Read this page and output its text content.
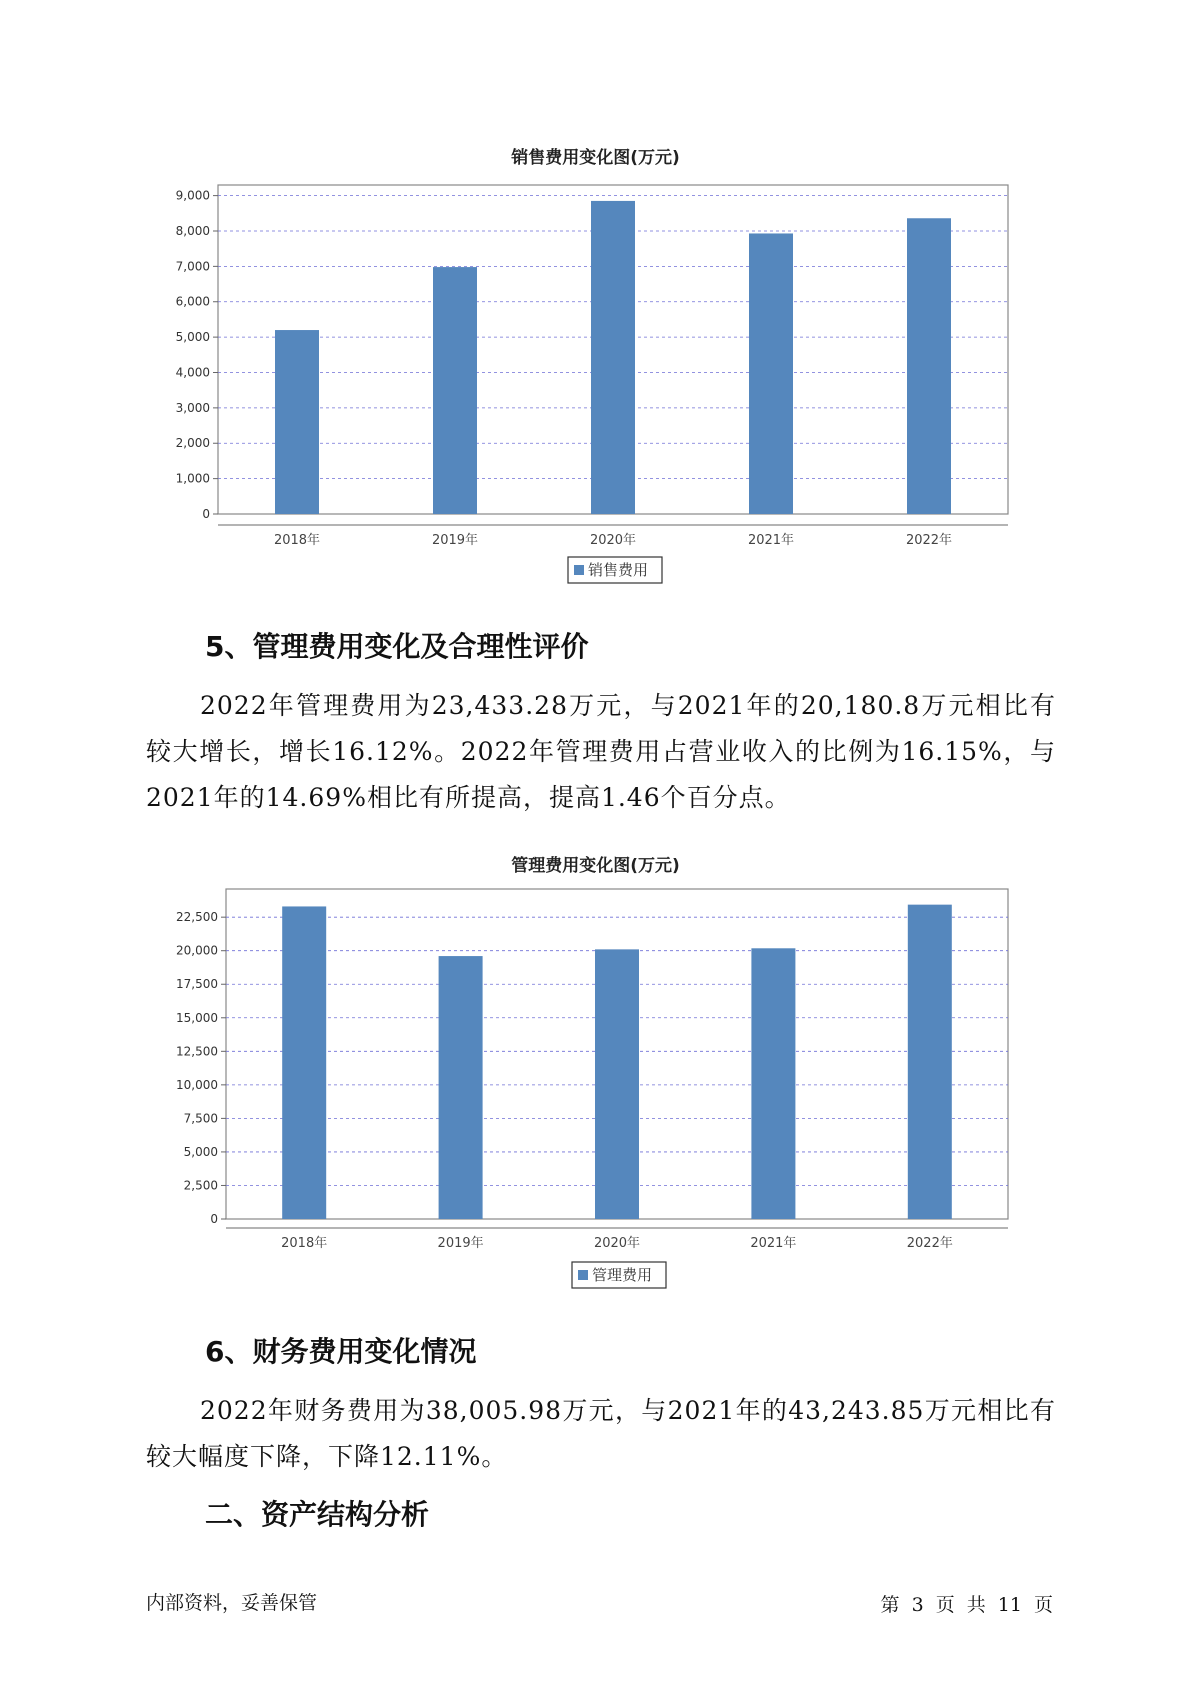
销售费用变化图(万元)
0
1,000
2,000
3,000
4,000
5,000
6,000
7,000
8,000
9,000
2018年	2019年	2020年	2021年	2022年
销售费用
5、管理费用变化及合理性评价

2022年管理费用为23,433.28万元，与2021年的20,180.8万元相比有较大增长，增长16.12%。2022年管理费用占营业收入的比例为16.15%，与2021年的14.69%相比有所提高，提高1.46个百分点。

管理费用变化图(万元)
0
2,500
5,000
7,500
10,000
12,500
15,000
17,500
20,000
22,500
2018年	2019年	2020年	2021年	2022年
管理费用
6、财务费用变化情况

2022年财务费用为38,005.98万元，与2021年的43,243.85万元相比有较大幅度下降，下降12.11%。

二、资产结构分析
内部资料，妥善保管	第 3 页 共 11 页
